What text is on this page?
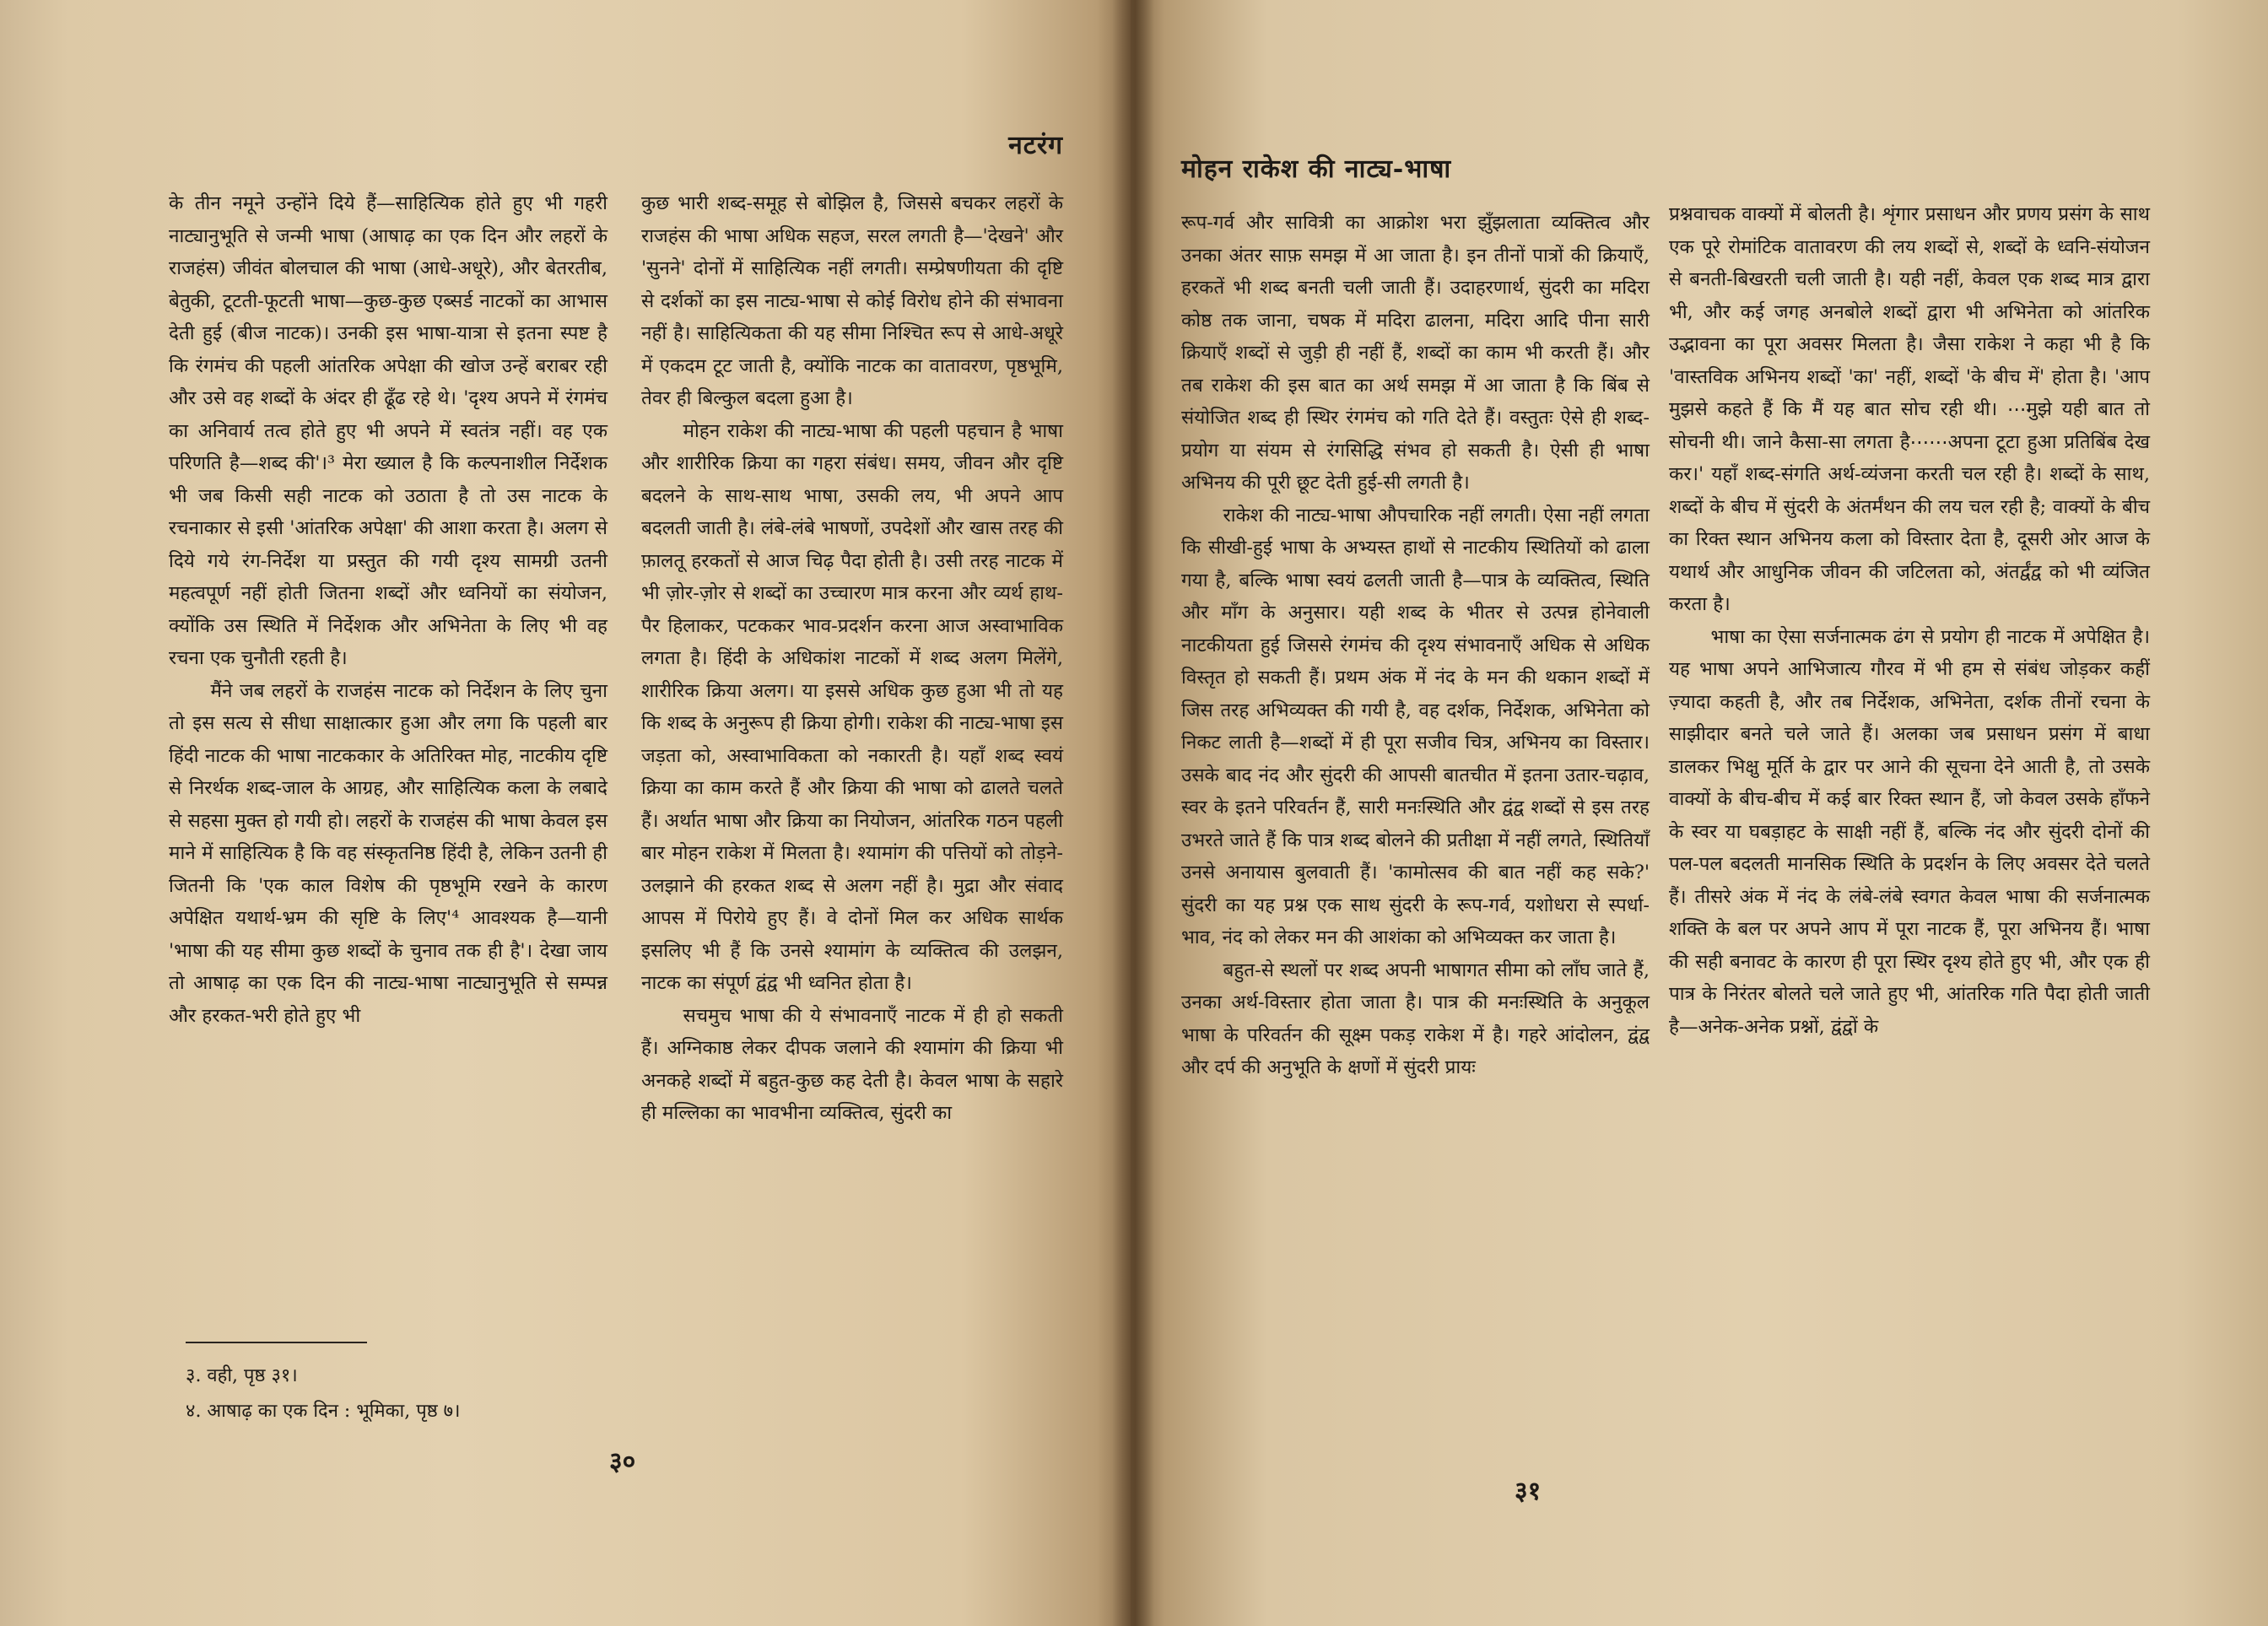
नटरंग

के तीन नमूने उन्होंने दिये हैं—साहित्यिक होते हुए भी गहरी नाट्यानुभूति से जन्मी भाषा (आषाढ़ का एक दिन और लहरों के राजहंस) जीवंत बोलचाल की भाषा (आधे-अधूरे), और बेतरतीब, बेतुकी, टूटती-फूटती भाषा—कुछ-कुछ एब्सर्ड नाटकों का आभास देती हुई (बीज नाटक)। उनकी इस भाषा-यात्रा से इतना स्पष्ट है कि रंगमंच की पहली आंतरिक अपेक्षा की खोज उन्हें बराबर रही और उसे वह शब्दों के अंदर ही ढूँढ रहे थे। 'दृश्य अपने में रंगमंच का अनिवार्य तत्व होते हुए भी अपने में स्वतंत्र नहीं। वह एक परिणति है—शब्द की'।³ मेरा ख्याल है कि कल्पनाशील निर्देशक भी जब किसी सही नाटक को उठाता है तो उस नाटक के रचनाकार से इसी 'आंतरिक अपेक्षा' की आशा करता है। अलग से दिये गये रंग-निर्देश या प्रस्तुत की गयी दृश्य सामग्री उतनी महत्वपूर्ण नहीं होती जितना शब्दों और ध्वनियों का संयोजन, क्योंकि उस स्थिति में निर्देशक और अभिनेता के लिए भी वह रचना एक चुनौती रहती है।

मैंने जब लहरों के राजहंस नाटक को निर्देशन के लिए चुना तो इस सत्य से सीधा साक्षात्कार हुआ और लगा कि पहली बार हिंदी नाटक की भाषा नाटककार के अतिरिक्त मोह, नाटकीय दृष्टि से निरर्थक शब्द-जाल के आग्रह, और साहित्यिक कला के लबादे से सहसा मुक्त हो गयी हो। लहरों के राजहंस की भाषा केवल इस माने में साहित्यिक है कि वह संस्कृतनिष्ठ हिंदी है, लेकिन उतनी ही जितनी कि 'एक काल विशेष की पृष्ठभूमि रखने के कारण अपेक्षित यथार्थ-भ्रम की सृष्टि के लिए'⁴ आवश्यक है—यानी 'भाषा की यह सीमा कुछ शब्दों के चुनाव तक ही है'। देखा जाय तो आषाढ़ का एक दिन की नाट्य-भाषा नाट्यानुभूति से सम्पन्न और हरकत-भरी होते हुए भी

कुछ भारी शब्द-समूह से बोझिल है, जिससे बचकर लहरों के राजहंस की भाषा अधिक सहज, सरल लगती है—'देखने' और 'सुनने' दोनों में साहित्यिक नहीं लगती। सम्प्रेषणीयता की दृष्टि से दर्शकों का इस नाट्य-भाषा से कोई विरोध होने की संभावना नहीं है। साहित्यिकता की यह सीमा निश्चित रूप से आधे-अधूरे में एकदम टूट जाती है, क्योंकि नाटक का वातावरण, पृष्ठभूमि, तेवर ही बिल्कुल बदला हुआ है।

मोहन राकेश की नाट्य-भाषा की पहली पहचान है भाषा और शारीरिक क्रिया का गहरा संबंध। समय, जीवन और दृष्टि बदलने के साथ-साथ भाषा, उसकी लय, भी अपने आप बदलती जाती है। लंबे-लंबे भाषणों, उपदेशों और खास तरह की फ़ालतू हरकतों से आज चिढ़ पैदा होती है। उसी तरह नाटक में भी ज़ोर-ज़ोर से शब्दों का उच्चारण मात्र करना और व्यर्थ हाथ-पैर हिलाकर, पटककर भाव-प्रदर्शन करना आज अस्वाभाविक लगता है। हिंदी के अधिकांश नाटकों में शब्द अलग मिलेंगे, शारीरिक क्रिया अलग। या इससे अधिक कुछ हुआ भी तो यह कि शब्द के अनुरूप ही क्रिया होगी। राकेश की नाट्य-भाषा इस जड़ता को, अस्वाभाविकता को नकारती है। यहाँ शब्द स्वयं क्रिया का काम करते हैं और क्रिया की भाषा को ढालते चलते हैं। अर्थात भाषा और क्रिया का नियोजन, आंतरिक गठन पहली बार मोहन राकेश में मिलता है। श्यामांग की पत्तियों को तोड़ने-उलझाने की हरकत शब्द से अलग नहीं है। मुद्रा और संवाद आपस में पिरोये हुए हैं। वे दोनों मिल कर अधिक सार्थक इसलिए भी हैं कि उनसे श्यामांग के व्यक्तित्व की उलझन, नाटक का संपूर्ण द्वंद्व भी ध्वनित होता है।

सचमुच भाषा की ये संभावनाएँ नाटक में ही हो सकती हैं। अग्निकाष्ठ लेकर दीपक जलाने की श्यामांग की क्रिया भी अनकहे शब्दों में बहुत-कुछ कह देती है। केवल भाषा के सहारे ही मल्लिका का भावभीना व्यक्तित्व, सुंदरी का

३. वही, पृष्ठ ३१।
४. आषाढ़ का एक दिन : भूमिका, पृष्ठ ७।
३०
मोहन राकेश की नाट्य-भाषा

रूप-गर्व और सावित्री का आक्रोश भरा झुँझलाता व्यक्तित्व और उनका अंतर साफ़ समझ में आ जाता है। इन तीनों पात्रों की क्रियाएँ, हरकतें भी शब्द बनती चली जाती हैं। उदाहरणार्थ, सुंदरी का मदिरा कोष्ठ तक जाना, चषक में मदिरा ढालना, मदिरा आदि पीना सारी क्रियाएँ शब्दों से जुड़ी ही नहीं हैं, शब्दों का काम भी करती हैं। और तब राकेश की इस बात का अर्थ समझ में आ जाता है कि बिंब से संयोजित शब्द ही स्थिर रंगमंच को गति देते हैं। वस्तुतः ऐसे ही शब्द-प्रयोग या संयम से रंगसिद्धि संभव हो सकती है। ऐसी ही भाषा अभिनय की पूरी छूट देती हुई-सी लगती है।

राकेश की नाट्य-भाषा औपचारिक नहीं लगती। ऐसा नहीं लगता कि सीखी-हुई भाषा के अभ्यस्त हाथों से नाटकीय स्थितियों को ढाला गया है, बल्कि भाषा स्वयं ढलती जाती है—पात्र के व्यक्तित्व, स्थिति और माँग के अनुसार। यही शब्द के भीतर से उत्पन्न होनेवाली नाटकीयता हुई जिससे रंगमंच की दृश्य संभावनाएँ अधिक से अधिक विस्तृत हो सकती हैं। प्रथम अंक में नंद के मन की थकान शब्दों में जिस तरह अभिव्यक्त की गयी है, वह दर्शक, निर्देशक, अभिनेता को निकट लाती है—शब्दों में ही पूरा सजीव चित्र, अभिनय का विस्तार। उसके बाद नंद और सुंदरी की आपसी बातचीत में इतना उतार-चढ़ाव, स्वर के इतने परिवर्तन हैं, सारी मनःस्थिति और द्वंद्व शब्दों से इस तरह उभरते जाते हैं कि पात्र शब्द बोलने की प्रतीक्षा में नहीं लगते, स्थितियाँ उनसे अनायास बुलवाती हैं। 'कामोत्सव की बात नहीं कह सके?' सुंदरी का यह प्रश्न एक साथ सुंदरी के रूप-गर्व, यशोधरा से स्पर्धा-भाव, नंद को लेकर मन की आशंका को अभिव्यक्त कर जाता है।

बहुत-से स्थलों पर शब्द अपनी भाषागत सीमा को लाँघ जाते हैं, उनका अर्थ-विस्तार होता जाता है। पात्र की मनःस्थिति के अनुकूल भाषा के परिवर्तन की सूक्ष्म पकड़ राकेश में है। गहरे आंदोलन, द्वंद्व और दर्प की अनुभूति के क्षणों में सुंदरी प्रायः

प्रश्नवाचक वाक्यों में बोलती है। शृंगार प्रसाधन और प्रणय प्रसंग के साथ एक पूरे रोमांटिक वातावरण की लय शब्दों से, शब्दों के ध्वनि-संयोजन से बनती-बिखरती चली जाती है। यही नहीं, केवल एक शब्द मात्र द्वारा भी, और कई जगह अनबोले शब्दों द्वारा भी अभिनेता को आंतरिक उद्भावना का पूरा अवसर मिलता है। जैसा राकेश ने कहा भी है कि 'वास्तविक अभिनय शब्दों 'का' नहीं, शब्दों 'के बीच में' होता है। 'आप मुझसे कहते हैं कि मैं यह बात सोच रही थी। ⋯मुझे यही बात तो सोचनी थी। जाने कैसा-सा लगता है⋯⋯अपना टूटा हुआ प्रतिबिंब देख कर।' यहाँ शब्द-संगति अर्थ-व्यंजना करती चल रही है। शब्दों के साथ, शब्दों के बीच में सुंदरी के अंतर्मंथन की लय चल रही है; वाक्यों के बीच का रिक्त स्थान अभिनय कला को विस्तार देता है, दूसरी ओर आज के यथार्थ और आधुनिक जीवन की जटिलता को, अंतर्द्वंद्व को भी व्यंजित करता है।

भाषा का ऐसा सर्जनात्मक ढंग से प्रयोग ही नाटक में अपेक्षित है। यह भाषा अपने आभिजात्य गौरव में भी हम से संबंध जोड़कर कहीं ज़्यादा कहती है, और तब निर्देशक, अभिनेता, दर्शक तीनों रचना के साझीदार बनते चले जाते हैं। अलका जब प्रसाधन प्रसंग में बाधा डालकर भिक्षु मूर्ति के द्वार पर आने की सूचना देने आती है, तो उसके वाक्यों के बीच-बीच में कई बार रिक्त स्थान हैं, जो केवल उसके हाँफने के स्वर या घबड़ाहट के साक्षी नहीं हैं, बल्कि नंद और सुंदरी दोनों की पल-पल बदलती मानसिक स्थिति के प्रदर्शन के लिए अवसर देते चलते हैं। तीसरे अंक में नंद के लंबे-लंबे स्वगत केवल भाषा की सर्जनात्मक शक्ति के बल पर अपने आप में पूरा नाटक हैं, पूरा अभिनय हैं। भाषा की सही बनावट के कारण ही पूरा स्थिर दृश्य होते हुए भी, और एक ही पात्र के निरंतर बोलते चले जाते हुए भी, आंतरिक गति पैदा होती जाती है—अनेक-अनेक प्रश्नों, द्वंद्वों के

३१
